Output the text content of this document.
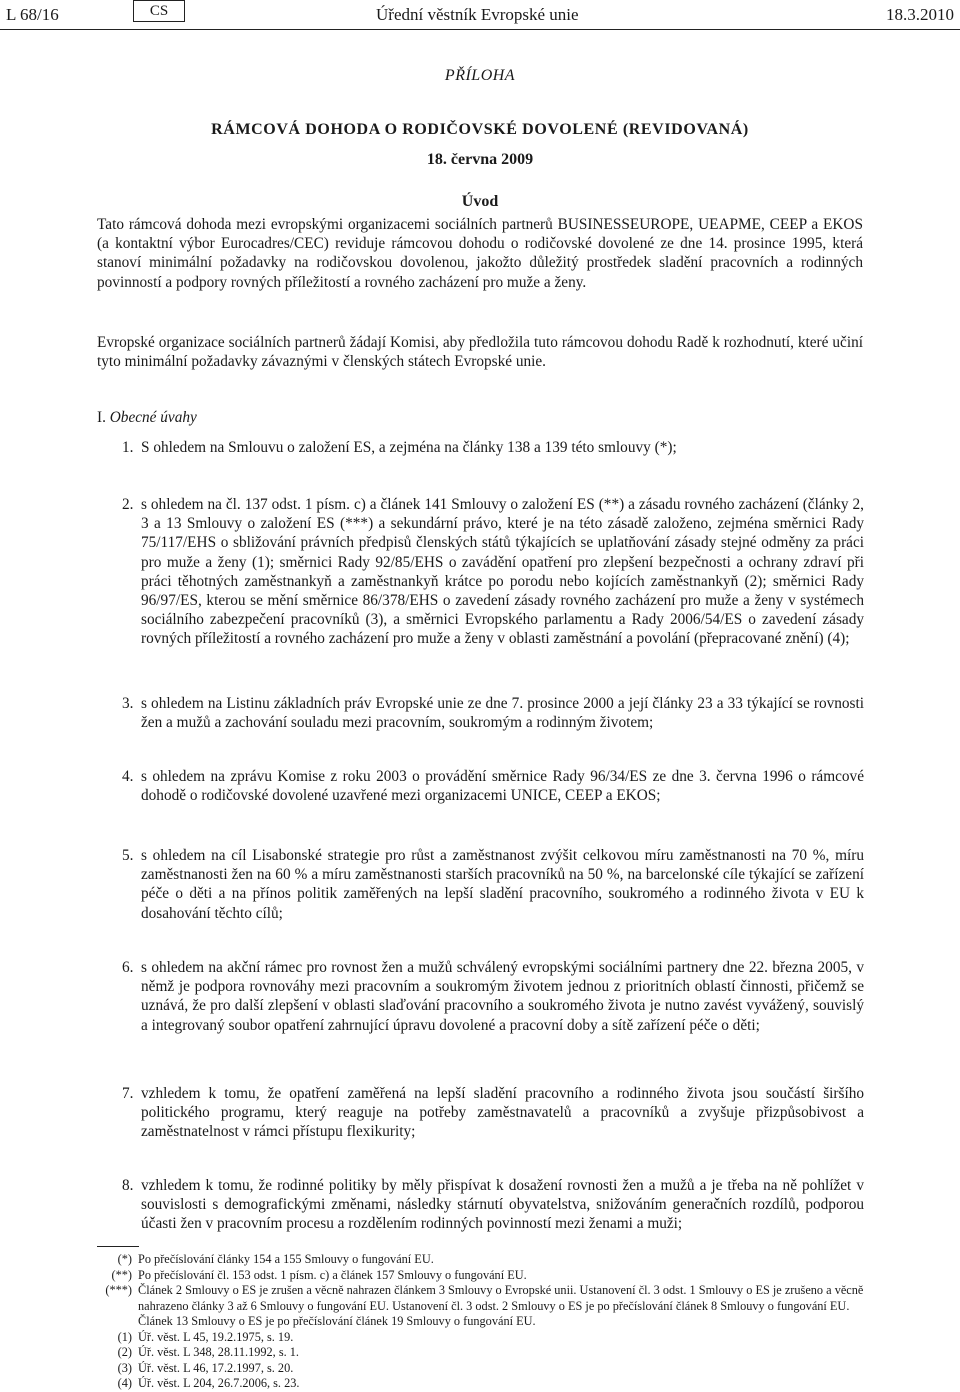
L 68/16	CS	Úřední věstník Evropské unie	18.3.2010
PŘÍLOHA
RÁMCOVÁ DOHODA O RODIČOVSKÉ DOVOLENÉ (REVIDOVANÁ)
18. června 2009
Úvod
Tato rámcová dohoda mezi evropskými organizacemi sociálních partnerů BUSINESSEUROPE, UEAPME, CEEP a EKOS (a kontaktní výbor Eurocadres/CEC) reviduje rámcovou dohodu o rodičovské dovolené ze dne 14. prosince 1995, která stanoví minimální požadavky na rodičovskou dovolenou, jakožto důležitý prostředek sladění pracovních a rodinných povinností a podpory rovných příležitostí a rovného zacházení pro muže a ženy.
Evropské organizace sociálních partnerů žádají Komisi, aby předložila tuto rámcovou dohodu Radě k rozhodnutí, které učiní tyto minimální požadavky závaznými v členských státech Evropské unie.
I. Obecné úvahy
1. S ohledem na Smlouvu o založení ES, a zejména na články 138 a 139 této smlouvy (*);
2. s ohledem na čl. 137 odst. 1 písm. c) a článek 141 Smlouvy o založení ES (**) a zásadu rovného zacházení (články 2, 3 a 13 Smlouvy o založení ES (***) a sekundární právo, které je na této zásadě založeno, zejména směrnici Rady 75/117/EHS o sbližování právních předpisů členských států týkajících se uplatňování zásady stejné odměny za práci pro muže a ženy (1); směrnici Rady 92/85/EHS o zavádění opatření pro zlepšení bezpečnosti a ochrany zdraví při práci těhotných zaměstnankyň a zaměstnankyň krátce po porodu nebo kojících zaměstnankyň (2); směrnici Rady 96/97/ES, kterou se mění směrnice 86/378/EHS o zavedení zásady rovného zacházení pro muže a ženy v systémech sociálního zabezpečení pracovníků (3), a směrnici Evropského parlamentu a Rady 2006/54/ES o zavedení zásady rovných příležitostí a rovného zacházení pro muže a ženy v oblasti zaměstnání a povolání (přepracované znění) (4);
3. s ohledem na Listinu základních práv Evropské unie ze dne 7. prosince 2000 a její články 23 a 33 týkající se rovnosti žen a mužů a zachování souladu mezi pracovním, soukromým a rodinným životem;
4. s ohledem na zprávu Komise z roku 2003 o provádění směrnice Rady 96/34/ES ze dne 3. června 1996 o rámcové dohodě o rodičovské dovolené uzavřené mezi organizacemi UNICE, CEEP a EKOS;
5. s ohledem na cíl Lisabonské strategie pro růst a zaměstnanost zvýšit celkovou míru zaměstnanosti na 70 %, míru zaměstnanosti žen na 60 % a míru zaměstnanosti starších pracovníků na 50 %, na barcelonské cíle týkající se zařízení péče o děti a na přínos politik zaměřených na lepší sladění pracovního, soukromého a rodinného života v EU k dosahování těchto cílů;
6. s ohledem na akční rámec pro rovnost žen a mužů schválený evropskými sociálními partnery dne 22. března 2005, v němž je podpora rovnováhy mezi pracovním a soukromým životem jednou z prioritních oblastí činnosti, přičemž se uznává, že pro další zlepšení v oblasti slaďování pracovního a soukromého života je nutno zavést vyvážený, souvislý a integrovaný soubor opatření zahrnující úpravu dovolené a pracovní doby a sítě zařízení péče o děti;
7. vzhledem k tomu, že opatření zaměřená na lepší sladění pracovního a rodinného života jsou součástí širšího politického programu, který reaguje na potřeby zaměstnavatelů a pracovníků a zvyšuje přizpůsobivost a zaměstnatelnost v rámci přístupu flexikurity;
8. vzhledem k tomu, že rodinné politiky by měly přispívat k dosažení rovnosti žen a mužů a je třeba na ně pohlížet v souvislosti s demografickými změnami, následky stárnutí obyvatelstva, snižováním generačních rozdílů, podporou účasti žen v pracovním procesu a rozdělením rodinných povinností mezi ženami a muži;
(*) Po přečíslování články 154 a 155 Smlouvy o fungování EU.
(**) Po přečíslování čl. 153 odst. 1 písm. c) a článek 157 Smlouvy o fungování EU.
(***) Článek 2 Smlouvy o ES je zrušen a věcně nahrazen článkem 3 Smlouvy o Evropské unii. Ustanovení čl. 3 odst. 1 Smlouvy o ES je zrušeno a věcně nahrazeno články 3 až 6 Smlouvy o fungování EU. Ustanovení čl. 3 odst. 2 Smlouvy o ES je po přečíslování článek 8 Smlouvy o fungování EU. Článek 13 Smlouvy o ES je po přečíslování článek 19 Smlouvy o fungování EU.
(1) Úř. věst. L 45, 19.2.1975, s. 19.
(2) Úř. věst. L 348, 28.11.1992, s. 1.
(3) Úř. věst. L 46, 17.2.1997, s. 20.
(4) Úř. věst. L 204, 26.7.2006, s. 23.
